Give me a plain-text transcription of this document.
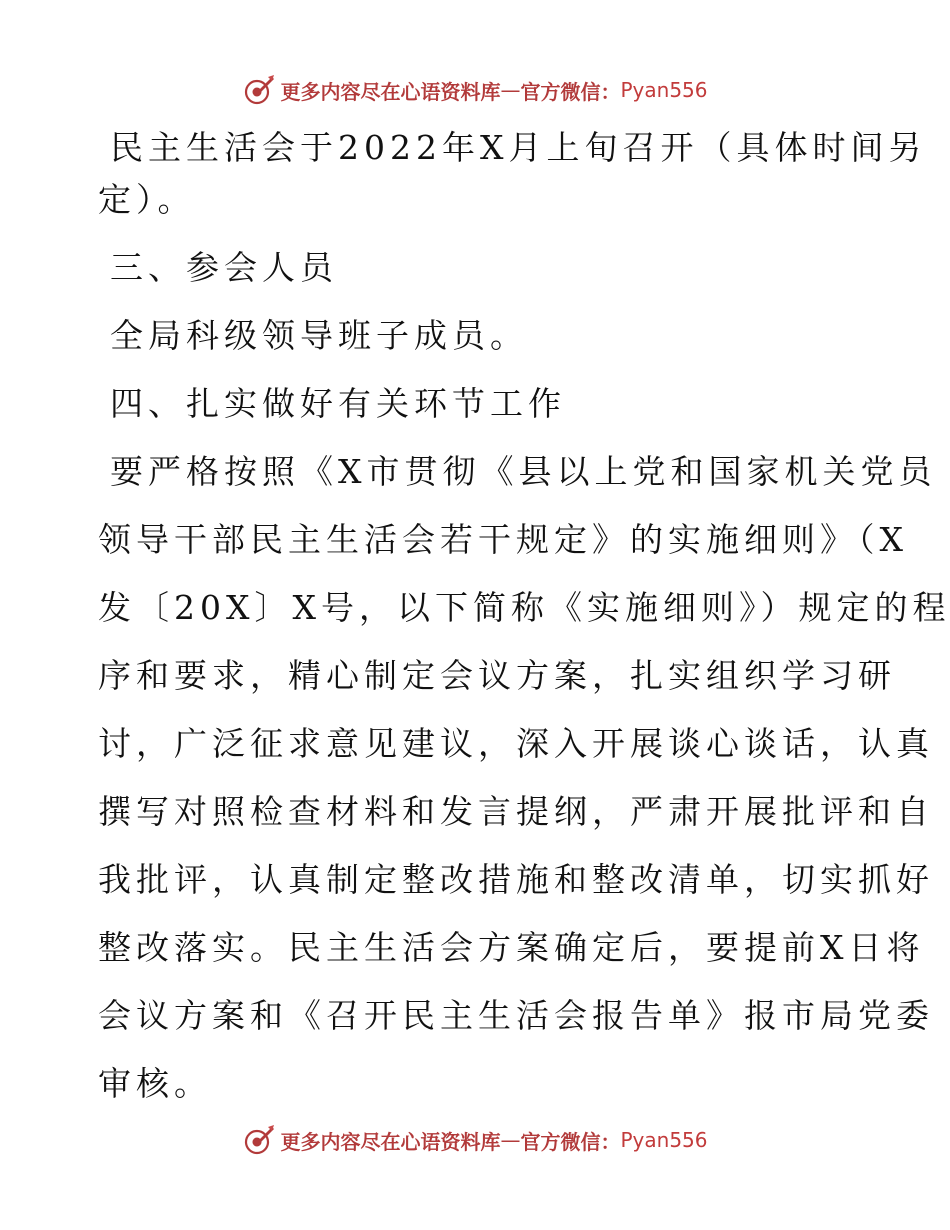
更多内容尽在心语资料库 — 官方微信： Pyan556

民主生活会于2022年X月上旬召开（具体时间另

定）。

三、参会人员

全局科级领导班子成员。

四、扎实做好有关环节工作

要严格按照《X市贯彻《县以上党和国家机关党员

领导干部民主生活会若干规定》的实施细则》（X

发〔20X〕X号，以下简称《实施细则》）规定的程

序和要求，精心制定会议方案，扎实组织学习研

讨，广泛征求意见建议，深入开展谈心谈话，认真

撰写对照检查材料和发言提纲，严肃开展批评和自

我批评，认真制定整改措施和整改清单，切实抓好

整改落实。民主生活会方案确定后，要提前X日将

会议方案和《召开民主生活会报告单》报市局党委

审核。

更多内容尽在心语资料库 — 官方微信： Pyan556
